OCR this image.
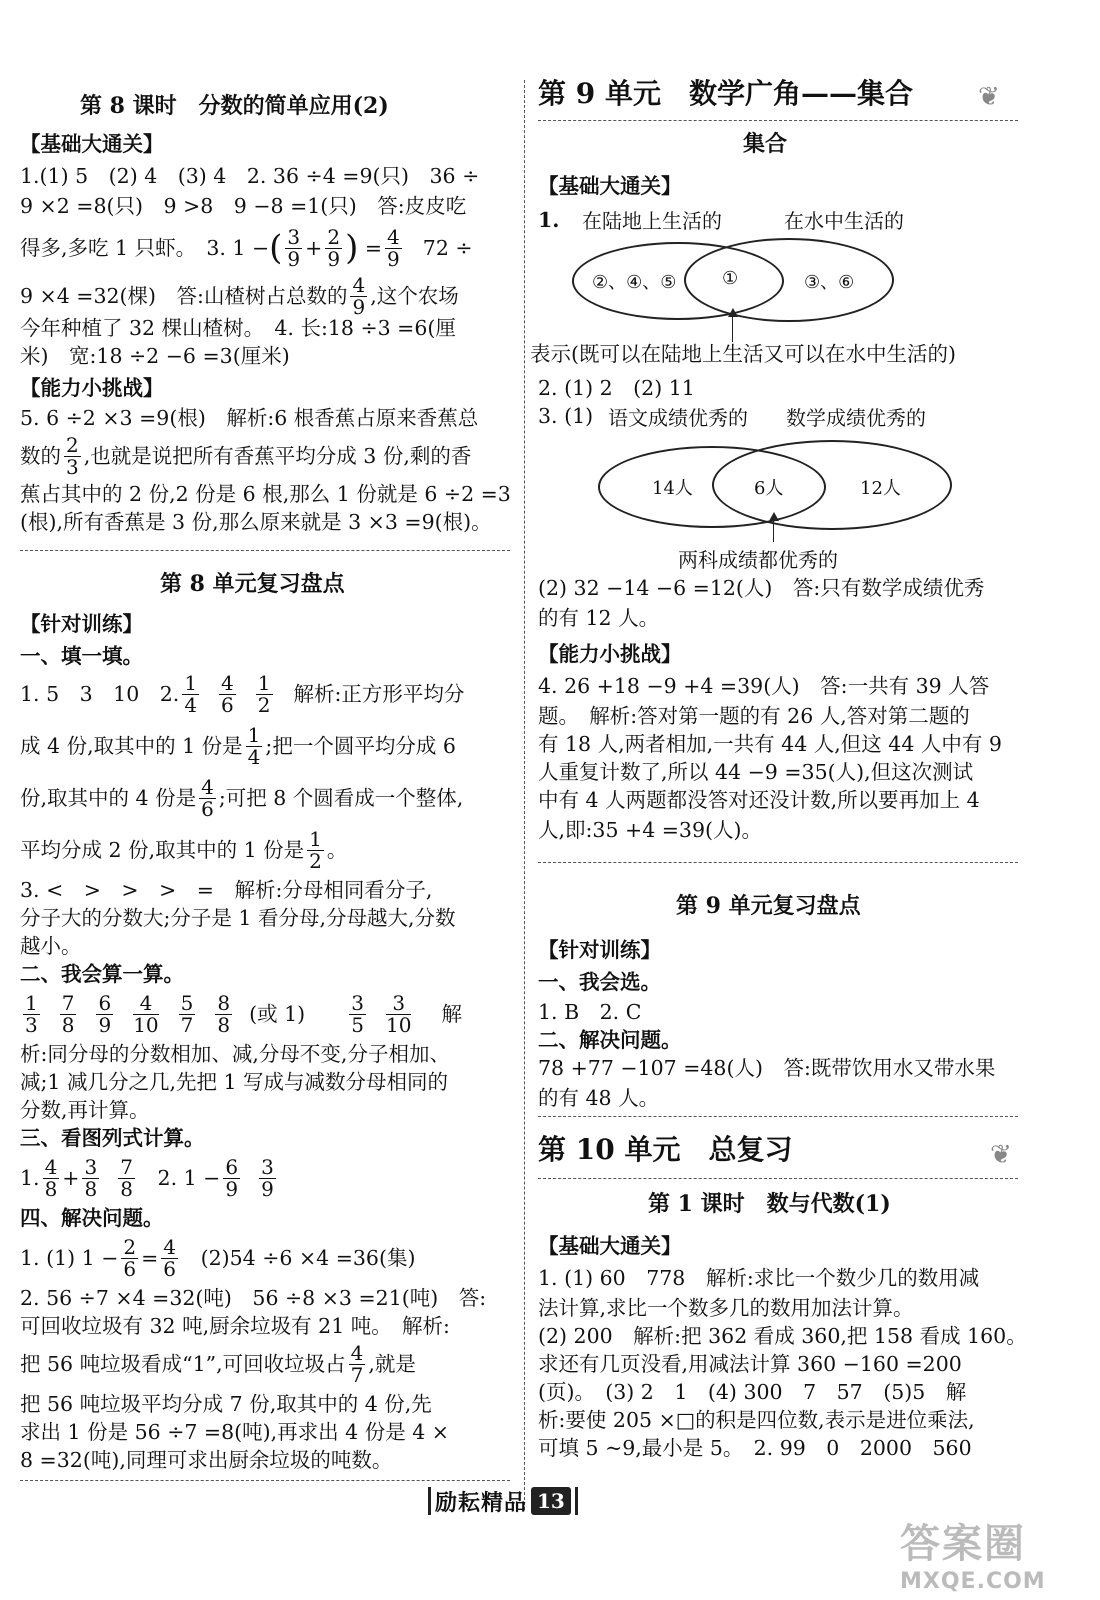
第 8 课时　分数的简单应用(2)
【基础大通关】
1.(1) 5　(2) 4　(3) 4　2. 36 ÷4 =9(只)　36 ÷
9 ×2 =8(只)　9 >8　9 −8 =1(只)　答:皮皮吃
得多,多吃 1 只虾。　3. 1 − ( $\frac{3}{9} + \frac{2}{9}$ ) = $\frac{4}{9} 72$ ÷
9 ×4 =32(棵)　答:山楂树占总数的 $\frac{4}{9}$ ,这个农场
今年种植了 32 棵山楂树。　4. 长:18 ÷3 =6(厘
米)　宽:18 ÷2 −6 =3(厘米)
【能力小挑战】
5. 6 ÷2 ×3 =9(根)　解析:6 根香蕉占原来香蕉总
数的 $\frac{2}{3}$ ,也就是说把所有香蕉平均分成 3 份,剩的香
蕉占其中的 2 份,2 份是 6 根,那么 1 份就是 6 ÷2 =3
(根),所有香蕉是 3 份,那么原来就是 3 ×3 =9(根)。
第 8 单元复习盘点
【针对训练】
一、填一填。
1. 5　3　10　2. $\frac{1}{4} \frac{4}{6} \frac{1}{2}$ 解析:正方形平均分
成 4 份,取其中的 1 份是 $\frac{1}{4}$ ;把一个圆平均分成 6
份,取其中的 4 份是 $\frac{4}{6}$ ;可把 8 个圆看成一个整体,
平均分成 2 份,取其中的 1 份是 $\frac{1}{2}$ 。
3. <　>　>　>　=　解析:分母相同看分子,
分子大的分数大;分子是 1 看分母,分母越大,分数
越小。
二、我会算一算。
$\frac{1}{3} \frac{7}{8} \frac{6}{9} \frac{4}{10} \frac{5}{7} \frac{8}{8}$ (或 1)
$\frac{3}{5} \frac{3}{10}$ 解
析:同分母的分数相加、减,分母不变,分子相加、
减;1 减几分之几,先把 1 写成与减数分母相同的
分数,再计算。
三、看图列式计算。
1. $\frac{4}{8} + \frac{3}{8}$
$\frac{7}{8} 2$. $1 - \frac{6}{9}$
$\frac{3}{9}$
四、解决问题。
1. (1) $1 - \frac{2}{6} = \frac{4}{6} (2)54 \div 6 \times 4 =36$(集)
2. 56 ÷7 ×4 =32(吨)　56 ÷8 ×3 =21(吨)　答:
可回收垃圾有 32 吨,厨余垃圾有 21 吨。　解析:
把 56 吨垃圾看成“1”,可回收垃圾占 $\frac{4}{7}$ ,就是
把 56 吨垃圾平均分成 7 份,取其中的 4 份,先
求出 1 份是 56 ÷7 =8(吨),再求出 4 份是 4 ×
8 =32(吨),同理可求出厨余垃圾的吨数。
第 9 单元　数学广角——集合	❦
集合
【基础大通关】
1. 在陆地上生活的	在水中生活的
②、④、⑤	①	③、⑥
表示(既可以在陆地上生活又可以在水中生活的)
2. (1) 2　(2) 11
3. (1) 语文成绩优秀的 数学成绩优秀的
14人	6人	12人
两科成绩都优秀的
(2) 32 −14 −6 =12(人)　答:只有数学成绩优秀
的有 12 人。
【能力小挑战】
4. 26 +18 −9 +4 =39(人)　答:一共有 39 人答
题。　解析:答对第一题的有 26 人,答对第二题的
有 18 人,两者相加,一共有 44 人,但这 44 人中有 9
人重复计数了,所以 44 −9 =35(人),但这次测试
中有 4 人两题都没答对还没计数,所以要再加上 4
人,即:35 +4 =39(人)。
第 9 单元复习盘点
【针对训练】
一、我会选。
1. B　2. C
二、解决问题。
78 +77 −107 =48(人)　答:既带饮用水又带水果
的有 48 人。
第 10 单元　总复习	❦
第 1 课时　数与代数(1)
【基础大通关】
1. (1) 60　778　解析:求比一个数少几的数用减
法计算,求比一个数多几的数用加法计算。
(2) 200　解析:把 362 看成 360,把 158 看成 160。
求还有几页没看,用减法计算 360 −160 =200
(页)。　(3) 2　1　(4) 300　7　57　(5)5　解
析:要使 205 ×□的积是四位数,表示是进位乘法,
可填 5 ~9,最小是 5。　2. 99　0　2000　560
励耘精品 13
答案圈
MXQE.COM
